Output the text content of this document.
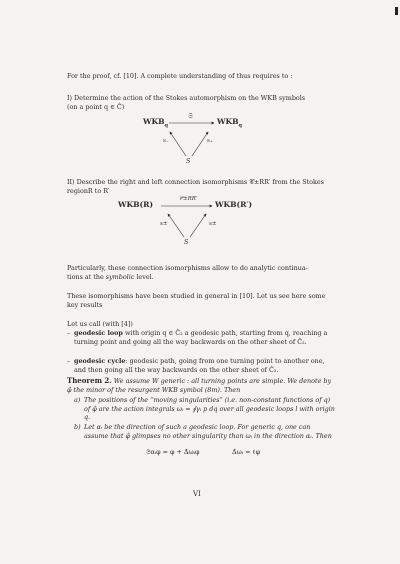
For the proof, cf. [10]. A complete understanding of thus requires to :
I) Determine the action of the Stokes automorphism on the WKB symbols
(on a point q ∈ Ĉ)
$WKB_q$	$WKB_q$
𝔖
s₋	s₊
S
II) Describe the right and left connection isomorphisms 𝒞±RR′ from the Stokes
regionR to R′
WKB(R)	WKB(R′)
𝒞±RR′
s±	s±
S
Particularly, these connection isomorphisms allow to do analytic continua-
tions at the symbolic level.
These isomorphisms have been studied in general in [10]. Let us see here some
key results
Let us call (with [4])
– geodesic loop with origin q ∈ Ĉ₂ a geodesic path, starting from q, reaching a turning point and going all the way backwards on the other sheet of Ĉ₂.
– geodesic cycle: geodesic path, going from one turning point to another one, and then going all the way backwards on the other sheet of Ĉ₂.
Theorem 2. We assume W generic : all turning points are simple. We denote by φ̂ the minor of the resurgent WKB symbol (8m). Then
a) The positions of the “moving singularities” (i.e. non-constant functions of q) of φ̂ are the action integrals ωᵢ = ∮γᵢ p dq over all geodesic loops l with origin q.
b) Let αᵢ be the direction of such a geodesic loop. For generic q, one can assume that φ̂ glimpses no other singularity than ωᵢ in the direction αᵢ. Then
𝔖αᵢφ = φ + Δ̇ωᵢφ	Δ̇ωᵢ = ℓφ
VI
